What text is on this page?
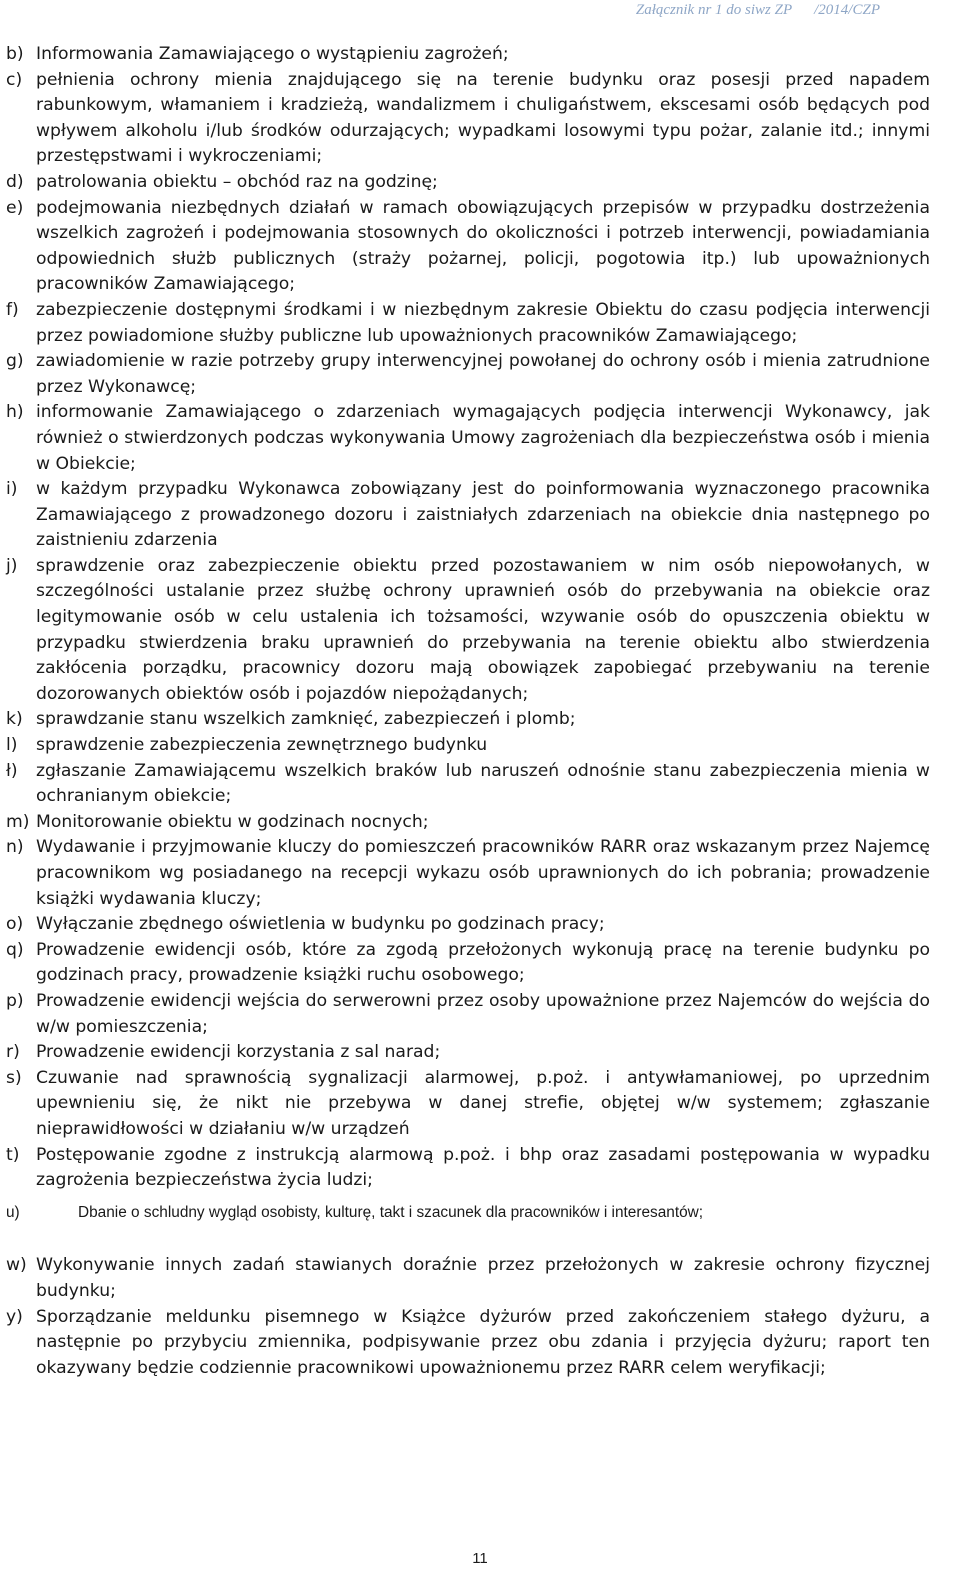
Załącznik nr 1 do siwz ZP /2014/CZP
b) Informowania Zamawiającego o wystąpieniu zagrożeń;
c) pełnienia ochrony mienia znajdującego się na terenie budynku oraz posesji przed napadem rabunkowym, włamaniem i kradzieżą, wandalizmem i chuligaństwem, ekscesami osób będących pod wpływem alkoholu i/lub środków odurzających; wypadkami losowymi typu pożar, zalanie itd.; innymi przestępstwami i wykroczeniami;
d) patrolowania obiektu – obchód raz na godzinę;
e) podejmowania niezbędnych działań w ramach obowiązujących przepisów w przypadku dostrzeżenia wszelkich zagrożeń i podejmowania stosownych do okoliczności i potrzeb interwencji, powiadamiania odpowiednich służb publicznych (straży pożarnej, policji, pogotowia itp.) lub upoważnionych pracowników Zamawiającego;
f) zabezpieczenie dostępnymi środkami i w niezbędnym zakresie Obiektu do czasu podjęcia interwencji przez powiadomione służby publiczne lub upoważnionych pracowników Zamawiającego;
g) zawiadomienie w razie potrzeby grupy interwencyjnej powołanej do ochrony osób i mienia zatrudnione przez Wykonawcę;
h) informowanie Zamawiającego o zdarzeniach wymagających podjęcia interwencji Wykonawcy, jak również o stwierdzonych podczas wykonywania Umowy zagrożeniach dla bezpieczeństwa osób i mienia w Obiekcie;
i) w każdym przypadku Wykonawca zobowiązany jest do poinformowania wyznaczonego pracownika Zamawiającego z prowadzonego dozoru i zaistniałych zdarzeniach na obiekcie dnia następnego po zaistnieniu zdarzenia
j) sprawdzenie oraz zabezpieczenie obiektu przed pozostawaniem w nim osób niepowołanych, w szczególności ustalanie przez służbę ochrony uprawnień osób do przebywania na obiekcie oraz legitymowanie osób w celu ustalenia ich tożsamości, wzywanie osób do opuszczenia obiektu w przypadku stwierdzenia braku uprawnień do przebywania na terenie obiektu albo stwierdzenia zakłócenia porządku, pracownicy dozoru mają obowiązek zapobiegać przebywaniu na terenie dozorowanych obiektów osób i pojazdów niepożądanych;
k) sprawdzanie stanu wszelkich zamknięć, zabezpieczeń i plomb;
l) sprawdzenie zabezpieczenia zewnętrznego budynku
ł) zgłaszanie Zamawiającemu wszelkich braków lub naruszeń odnośnie stanu zabezpieczenia mienia w ochranianym obiekcie;
m) Monitorowanie obiektu w godzinach nocnych;
n) Wydawanie i przyjmowanie kluczy do pomieszczeń pracowników RARR oraz wskazanym przez Najemcę pracownikom wg posiadanego na recepcji wykazu osób uprawnionych do ich pobrania; prowadzenie książki wydawania kluczy;
o) Wyłączanie zbędnego oświetlenia w budynku po godzinach pracy;
q) Prowadzenie ewidencji osób, które za zgodą przełożonych wykonują pracę na terenie budynku po godzinach pracy, prowadzenie książki ruchu osobowego;
p) Prowadzenie ewidencji wejścia do serwerowni przez osoby upoważnione przez Najemców do wejścia do w/w pomieszczenia;
r) Prowadzenie ewidencji korzystania z sal narad;
s) Czuwanie nad sprawnością sygnalizacji alarmowej, p.poż. i antywłamaniowej, po uprzednim upewnieniu się, że nikt nie przebywa w danej strefie, objętej w/w systemem; zgłaszanie nieprawidłowości w działaniu w/w urządzeń
t) Postępowanie zgodne z instrukcją alarmową p.poż. i bhp oraz zasadami postępowania w wypadku zagrożenia bezpieczeństwa życia ludzi;
u)	Dbanie o schludny wygląd osobisty, kulturę, takt i szacunek dla pracowników i interesantów;
w) Wykonywanie innych zadań stawianych doraźnie przez przełożonych w zakresie ochrony fizycznej budynku;
y) Sporządzanie meldunku pisemnego w Książce dyżurów przed zakończeniem stałego dyżuru, a następnie po przybyciu zmiennika, podpisywanie przez obu zdania i przyjęcia dyżuru; raport ten okazywany będzie codziennie pracownikowi upoważnionemu przez RARR celem weryfikacji;
11
